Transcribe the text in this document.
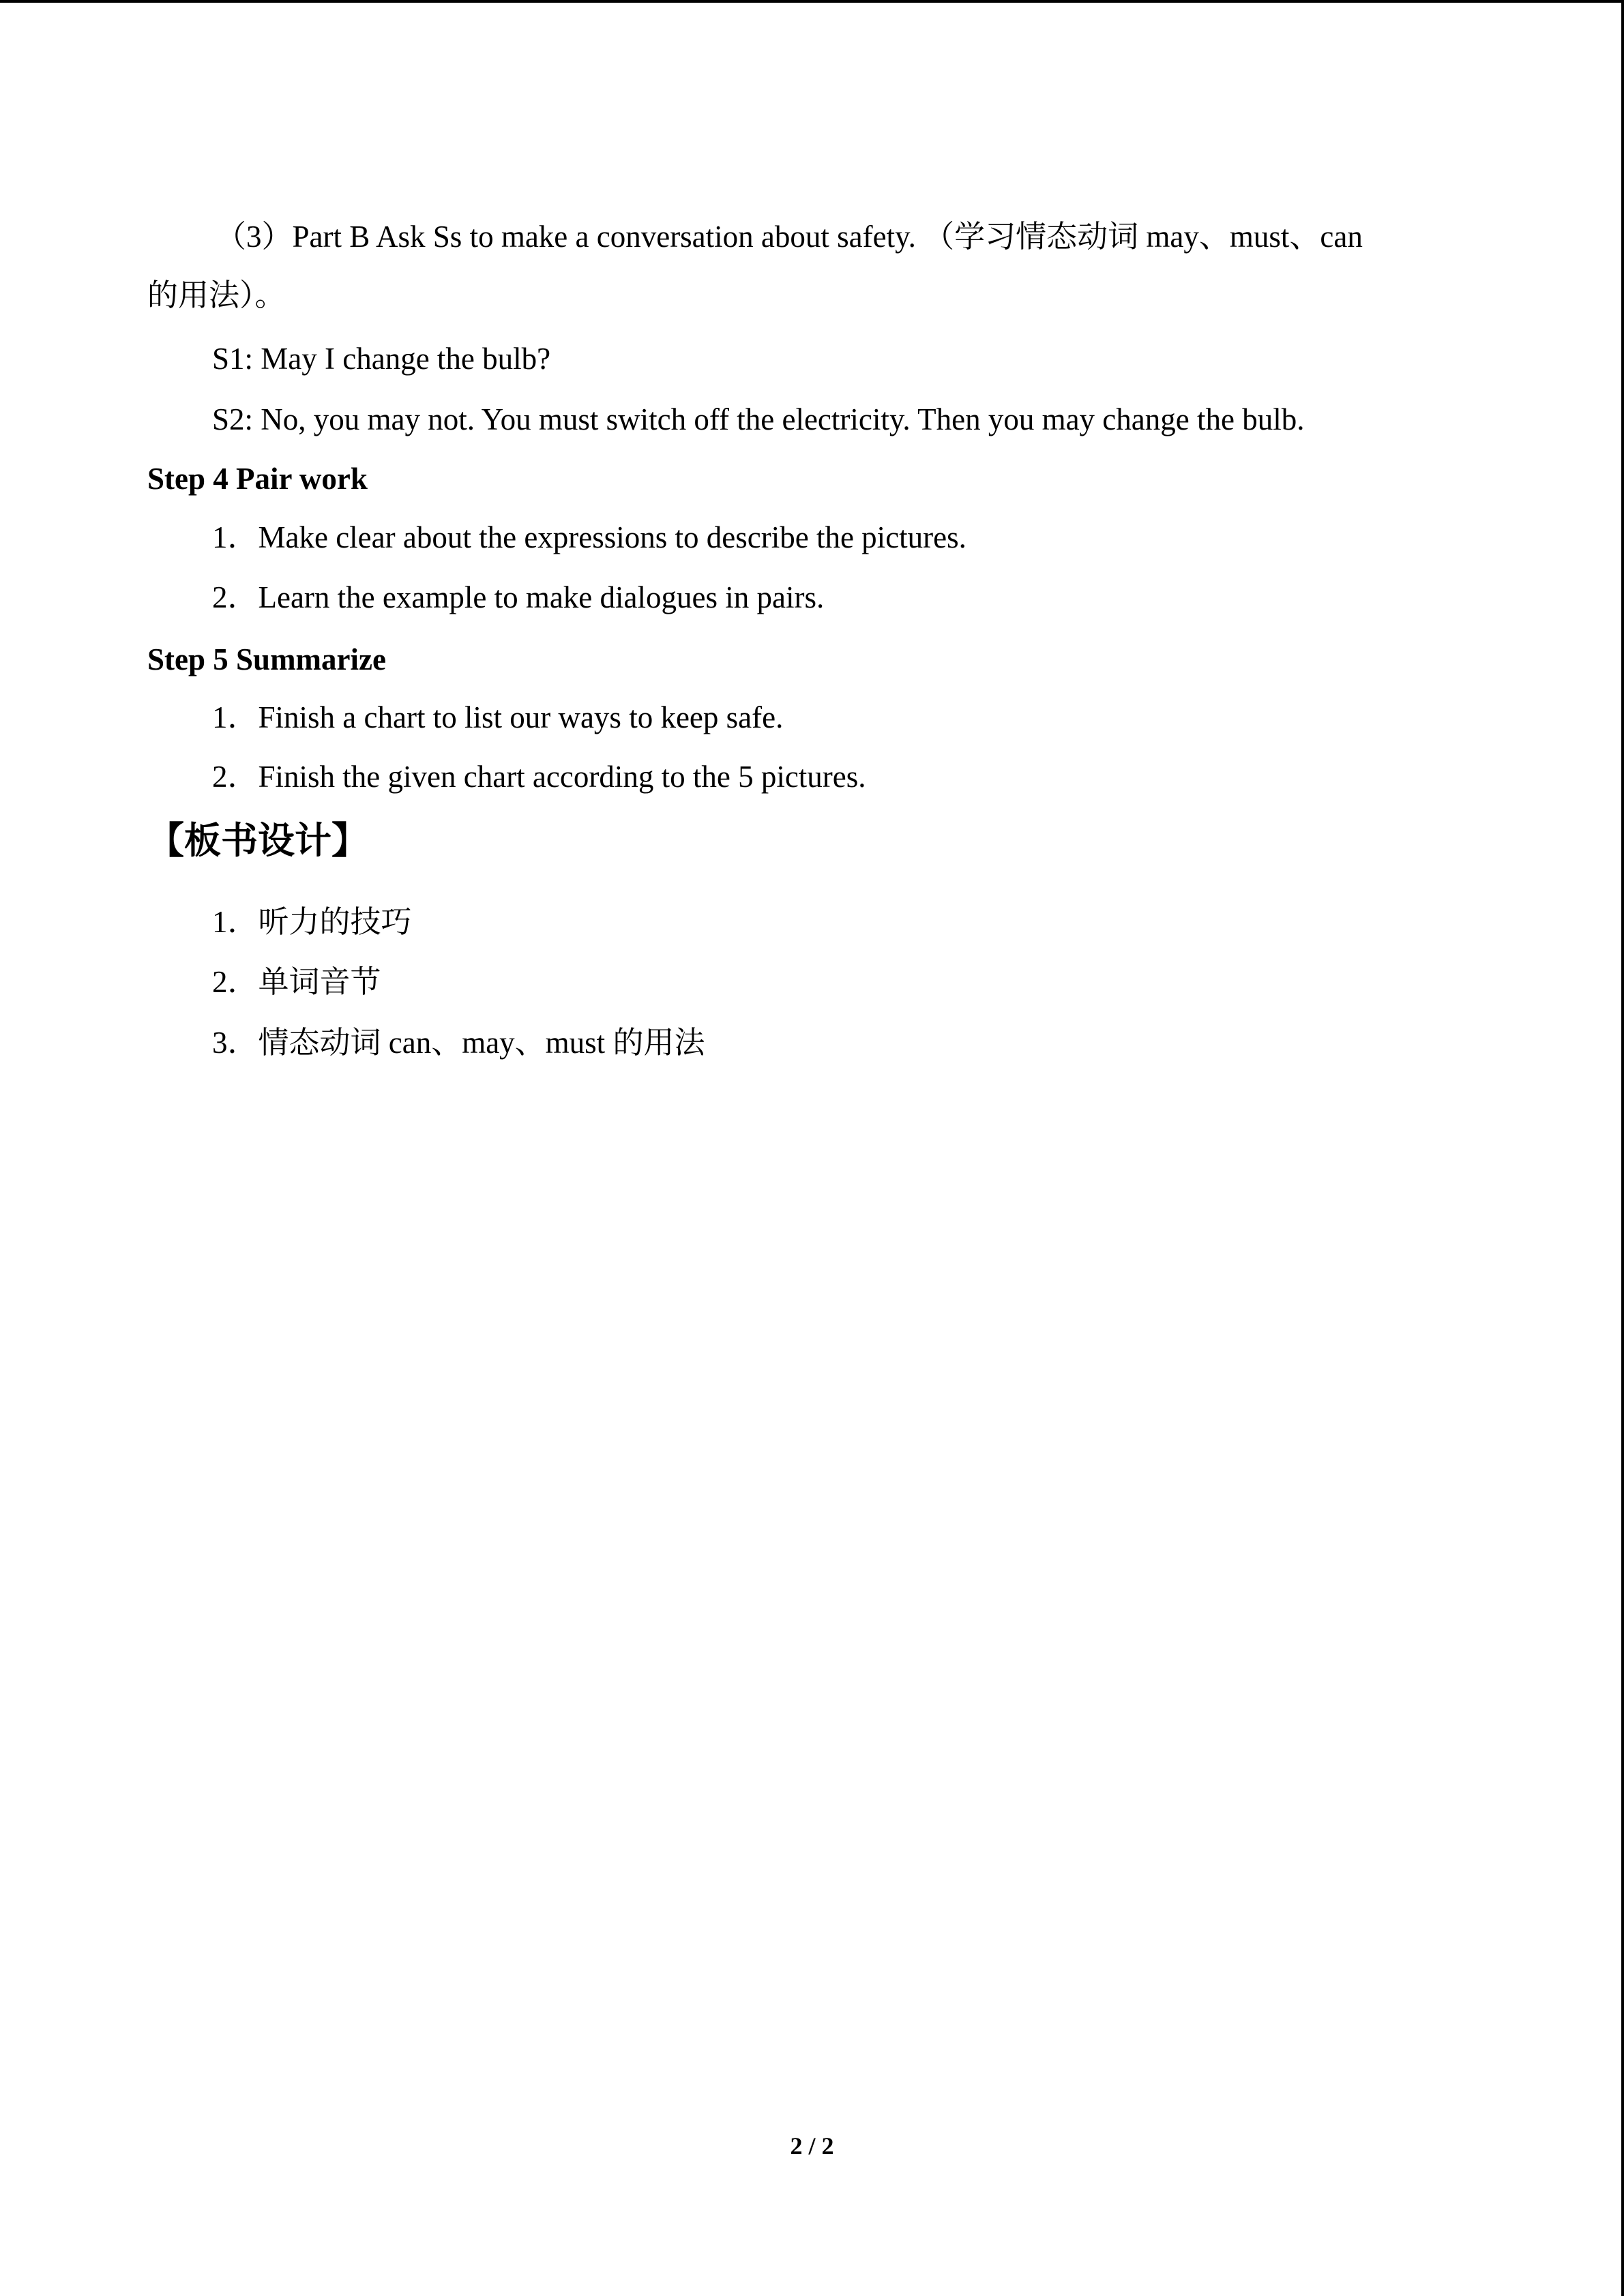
（3）Part B Ask Ss to make a conversation about safety. （学习情态动词 may、must、can
的用法）。
S1: May I change the bulb?
S2: No, you may not. You must switch off the electricity. Then you may change the bulb.
Step 4 Pair work
1．Make clear about the expressions to describe the pictures.
2．Learn the example to make dialogues in pairs.
Step 5 Summarize
1．Finish a chart to list our ways to keep safe.
2．Finish the given chart according to the 5 pictures.
【板书设计】
1．听力的技巧
2．单词音节
3．情态动词 can、may、must 的用法
2 / 2
